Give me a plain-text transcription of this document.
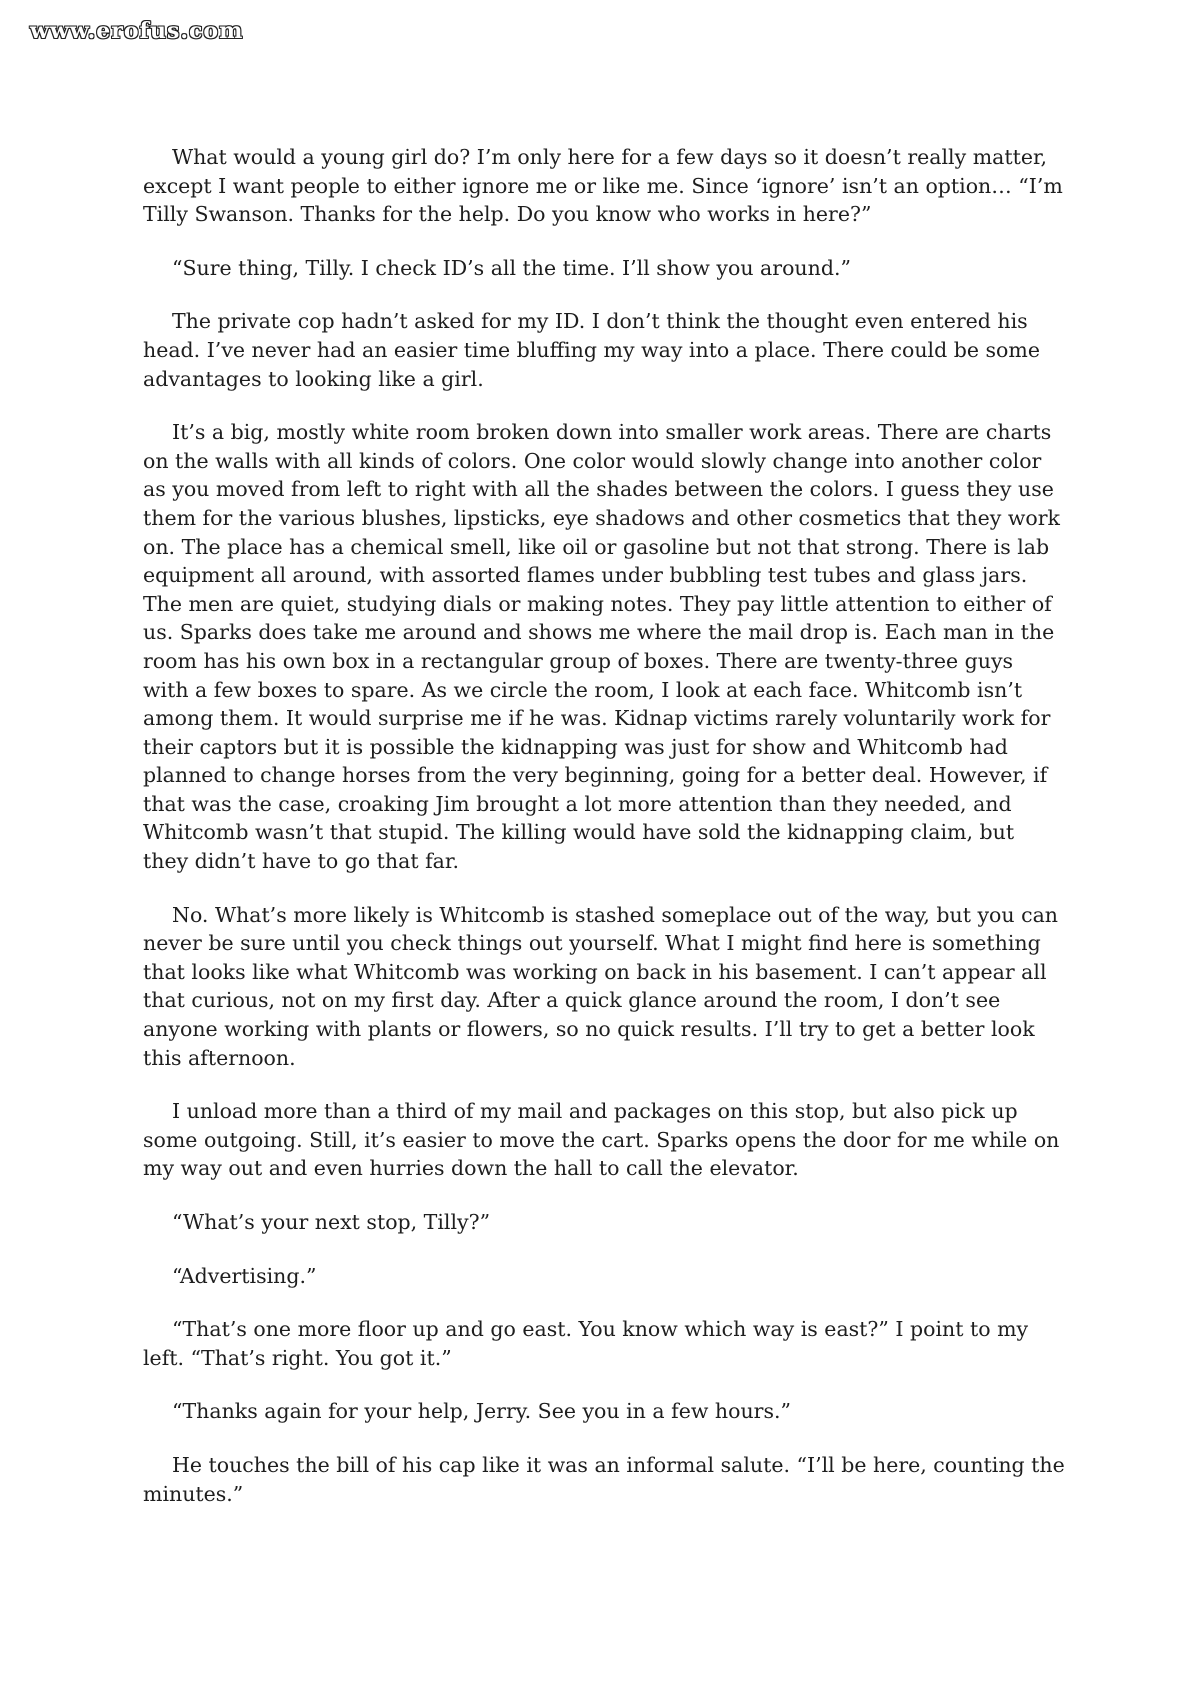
www.erofus.com

What would a young girl do? I’m only here for a few days so it doesn’t really matter, except I want people to either ignore me or like me. Since ‘ignore’ isn’t an option… “I’m Tilly Swanson. Thanks for the help. Do you know who works in here?”

“Sure thing, Tilly. I check ID’s all the time. I’ll show you around.”

The private cop hadn’t asked for my ID. I don’t think the thought even entered his head. I’ve never had an easier time bluffing my way into a place. There could be some advantages to looking like a girl.

It’s a big, mostly white room broken down into smaller work areas. There are charts on the walls with all kinds of colors. One color would slowly change into another color as you moved from left to right with all the shades between the colors. I guess they use them for the various blushes, lipsticks, eye shadows and other cosmetics that they work on. The place has a chemical smell, like oil or gasoline but not that strong. There is lab equipment all around, with assorted flames under bubbling test tubes and glass jars. The men are quiet, studying dials or making notes. They pay little attention to either of us. Sparks does take me around and shows me where the mail drop is. Each man in the room has his own box in a rectangular group of boxes. There are twenty-three guys with a few boxes to spare. As we circle the room, I look at each face. Whitcomb isn’t among them. It would surprise me if he was. Kidnap victims rarely voluntarily work for their captors but it is possible the kidnapping was just for show and Whitcomb had planned to change horses from the very beginning, going for a better deal. However, if that was the case, croaking Jim brought a lot more attention than they needed, and Whitcomb wasn’t that stupid. The killing would have sold the kidnapping claim, but they didn’t have to go that far.

No. What’s more likely is Whitcomb is stashed someplace out of the way, but you can never be sure until you check things out yourself. What I might find here is something that looks like what Whitcomb was working on back in his basement. I can’t appear all that curious, not on my first day. After a quick glance around the room, I don’t see anyone working with plants or flowers, so no quick results. I’ll try to get a better look this afternoon.

I unload more than a third of my mail and packages on this stop, but also pick up some outgoing. Still, it’s easier to move the cart. Sparks opens the door for me while on my way out and even hurries down the hall to call the elevator.

“What’s your next stop, Tilly?”

“Advertising.”

“That’s one more floor up and go east. You know which way is east?” I point to my left. “That’s right. You got it.”

“Thanks again for your help, Jerry. See you in a few hours.”

He touches the bill of his cap like it was an informal salute. “I’ll be here, counting the minutes.”
